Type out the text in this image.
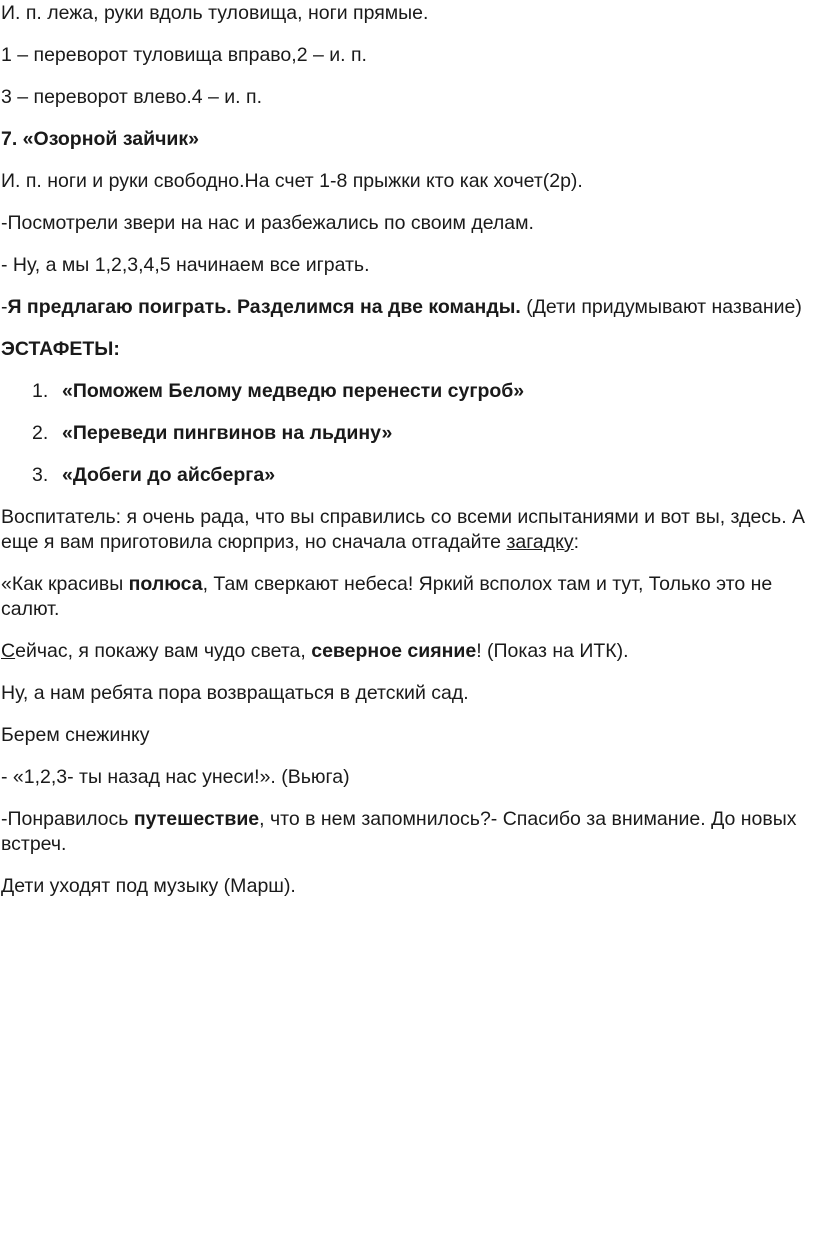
И. п. лежа, руки вдоль туловища, ноги прямые.

1 – переворот туловища вправо,2 – и. п.

3 – переворот влево.4 – и. п.

7. «Озорной зайчик»

И. п. ноги и руки свободно.На счет 1-8 прыжки кто как хочет(2р).

-Посмотрели звери на нас и разбежались по своим делам.

- Ну, а мы 1,2,3,4,5 начинаем все играть.

-Я предлагаю поиграть. Разделимся на две команды. (Дети придумывают название)

ЭСТАФЕТЫ:
1. «Поможем Белому медведю перенести сугроб»
2. «Переведи пингвинов на льдину»
3. «Добеги до айсберга»

Воспитатель: я очень рада, что вы справились со всеми испытаниями и вот вы, здесь. А еще я вам приготовила сюрприз, но сначала отгадайте загадку:

«Как красивы полюса, Там сверкают небеса! Яркий всполох там и тут, Только это не салют.

Сейчас, я покажу вам чудо света, северное сияние! (Показ на ИТК).

Ну, а нам ребята пора возвращаться в детский сад.

Берем снежинку

- «1,2,3- ты назад нас унеси!». (Вьюга)

-Понравилось путешествие, что в нем запомнилось?- Спасибо за внимание. До новых встреч.

Дети уходят под музыку (Марш).
